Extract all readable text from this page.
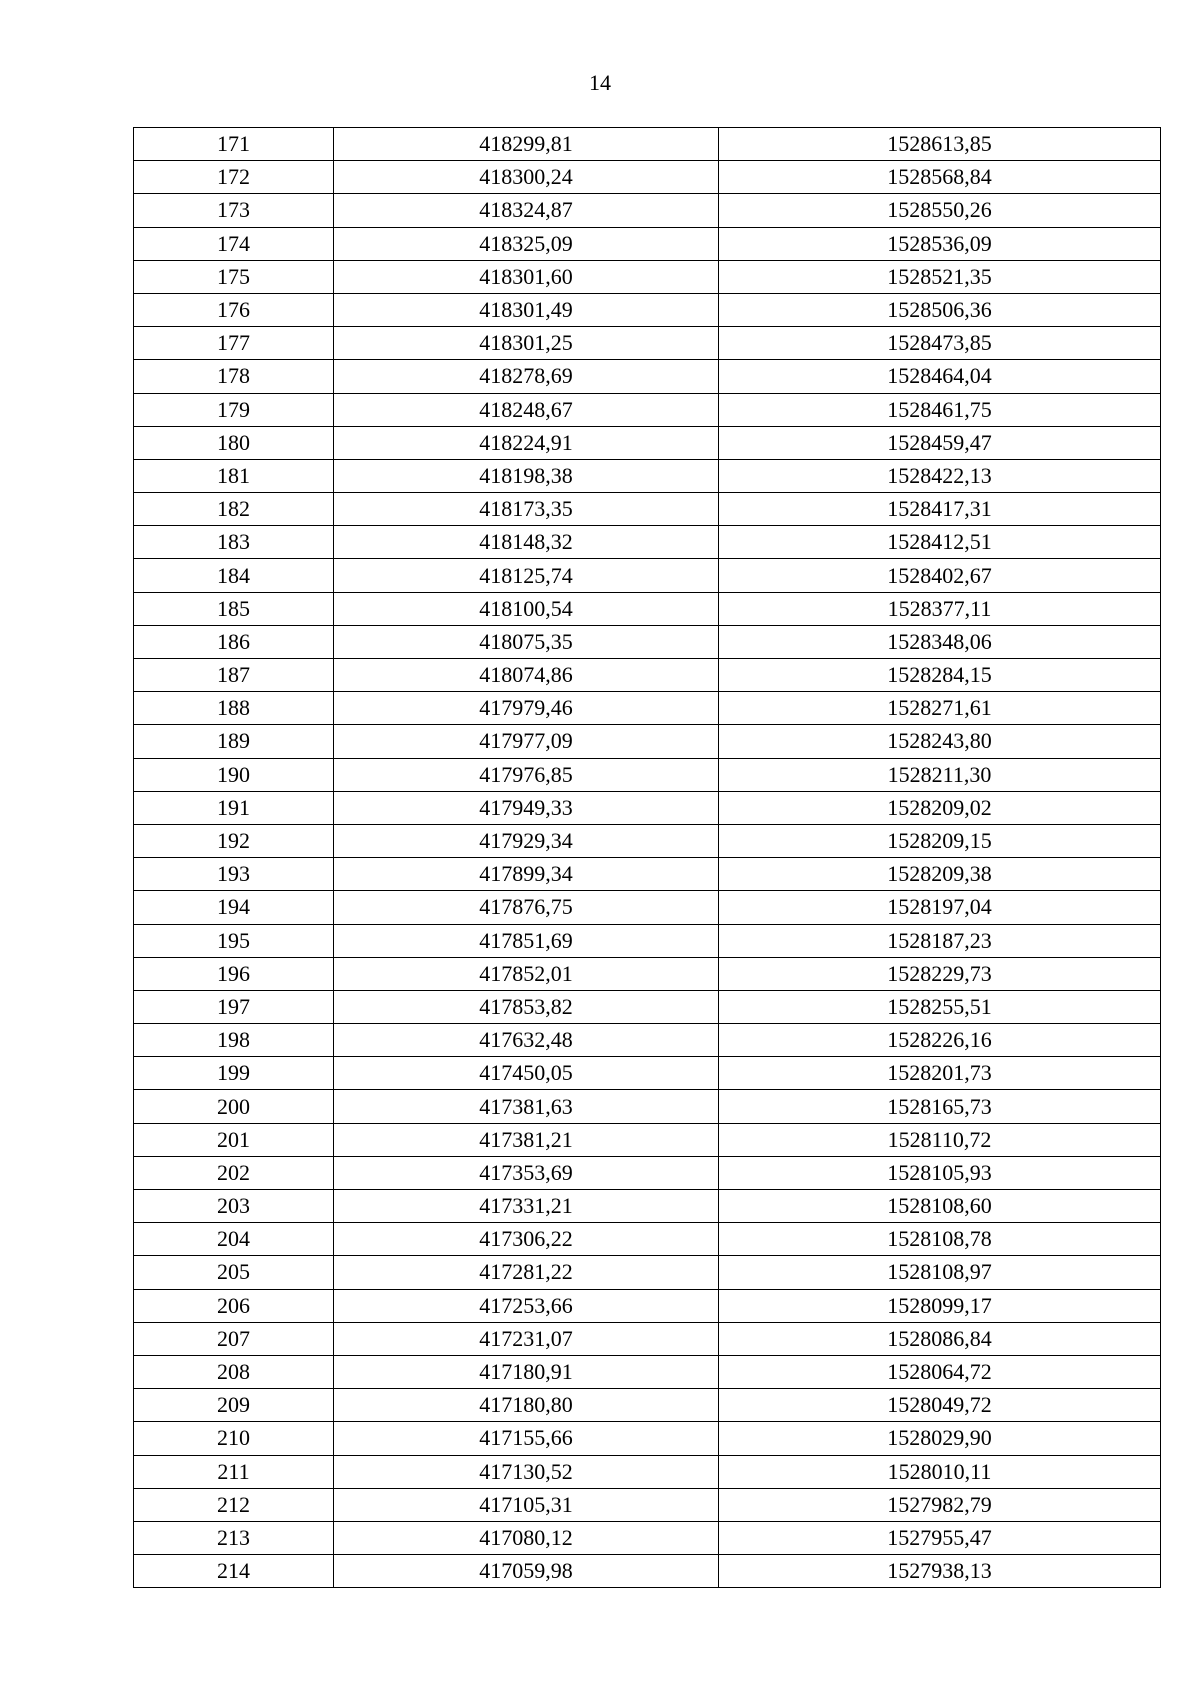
14
171	418299,81	1528613,85
172	418300,24	1528568,84
173	418324,87	1528550,26
174	418325,09	1528536,09
175	418301,60	1528521,35
176	418301,49	1528506,36
177	418301,25	1528473,85
178	418278,69	1528464,04
179	418248,67	1528461,75
180	418224,91	1528459,47
181	418198,38	1528422,13
182	418173,35	1528417,31
183	418148,32	1528412,51
184	418125,74	1528402,67
185	418100,54	1528377,11
186	418075,35	1528348,06
187	418074,86	1528284,15
188	417979,46	1528271,61
189	417977,09	1528243,80
190	417976,85	1528211,30
191	417949,33	1528209,02
192	417929,34	1528209,15
193	417899,34	1528209,38
194	417876,75	1528197,04
195	417851,69	1528187,23
196	417852,01	1528229,73
197	417853,82	1528255,51
198	417632,48	1528226,16
199	417450,05	1528201,73
200	417381,63	1528165,73
201	417381,21	1528110,72
202	417353,69	1528105,93
203	417331,21	1528108,60
204	417306,22	1528108,78
205	417281,22	1528108,97
206	417253,66	1528099,17
207	417231,07	1528086,84
208	417180,91	1528064,72
209	417180,80	1528049,72
210	417155,66	1528029,90
211	417130,52	1528010,11
212	417105,31	1527982,79
213	417080,12	1527955,47
214	417059,98	1527938,13
